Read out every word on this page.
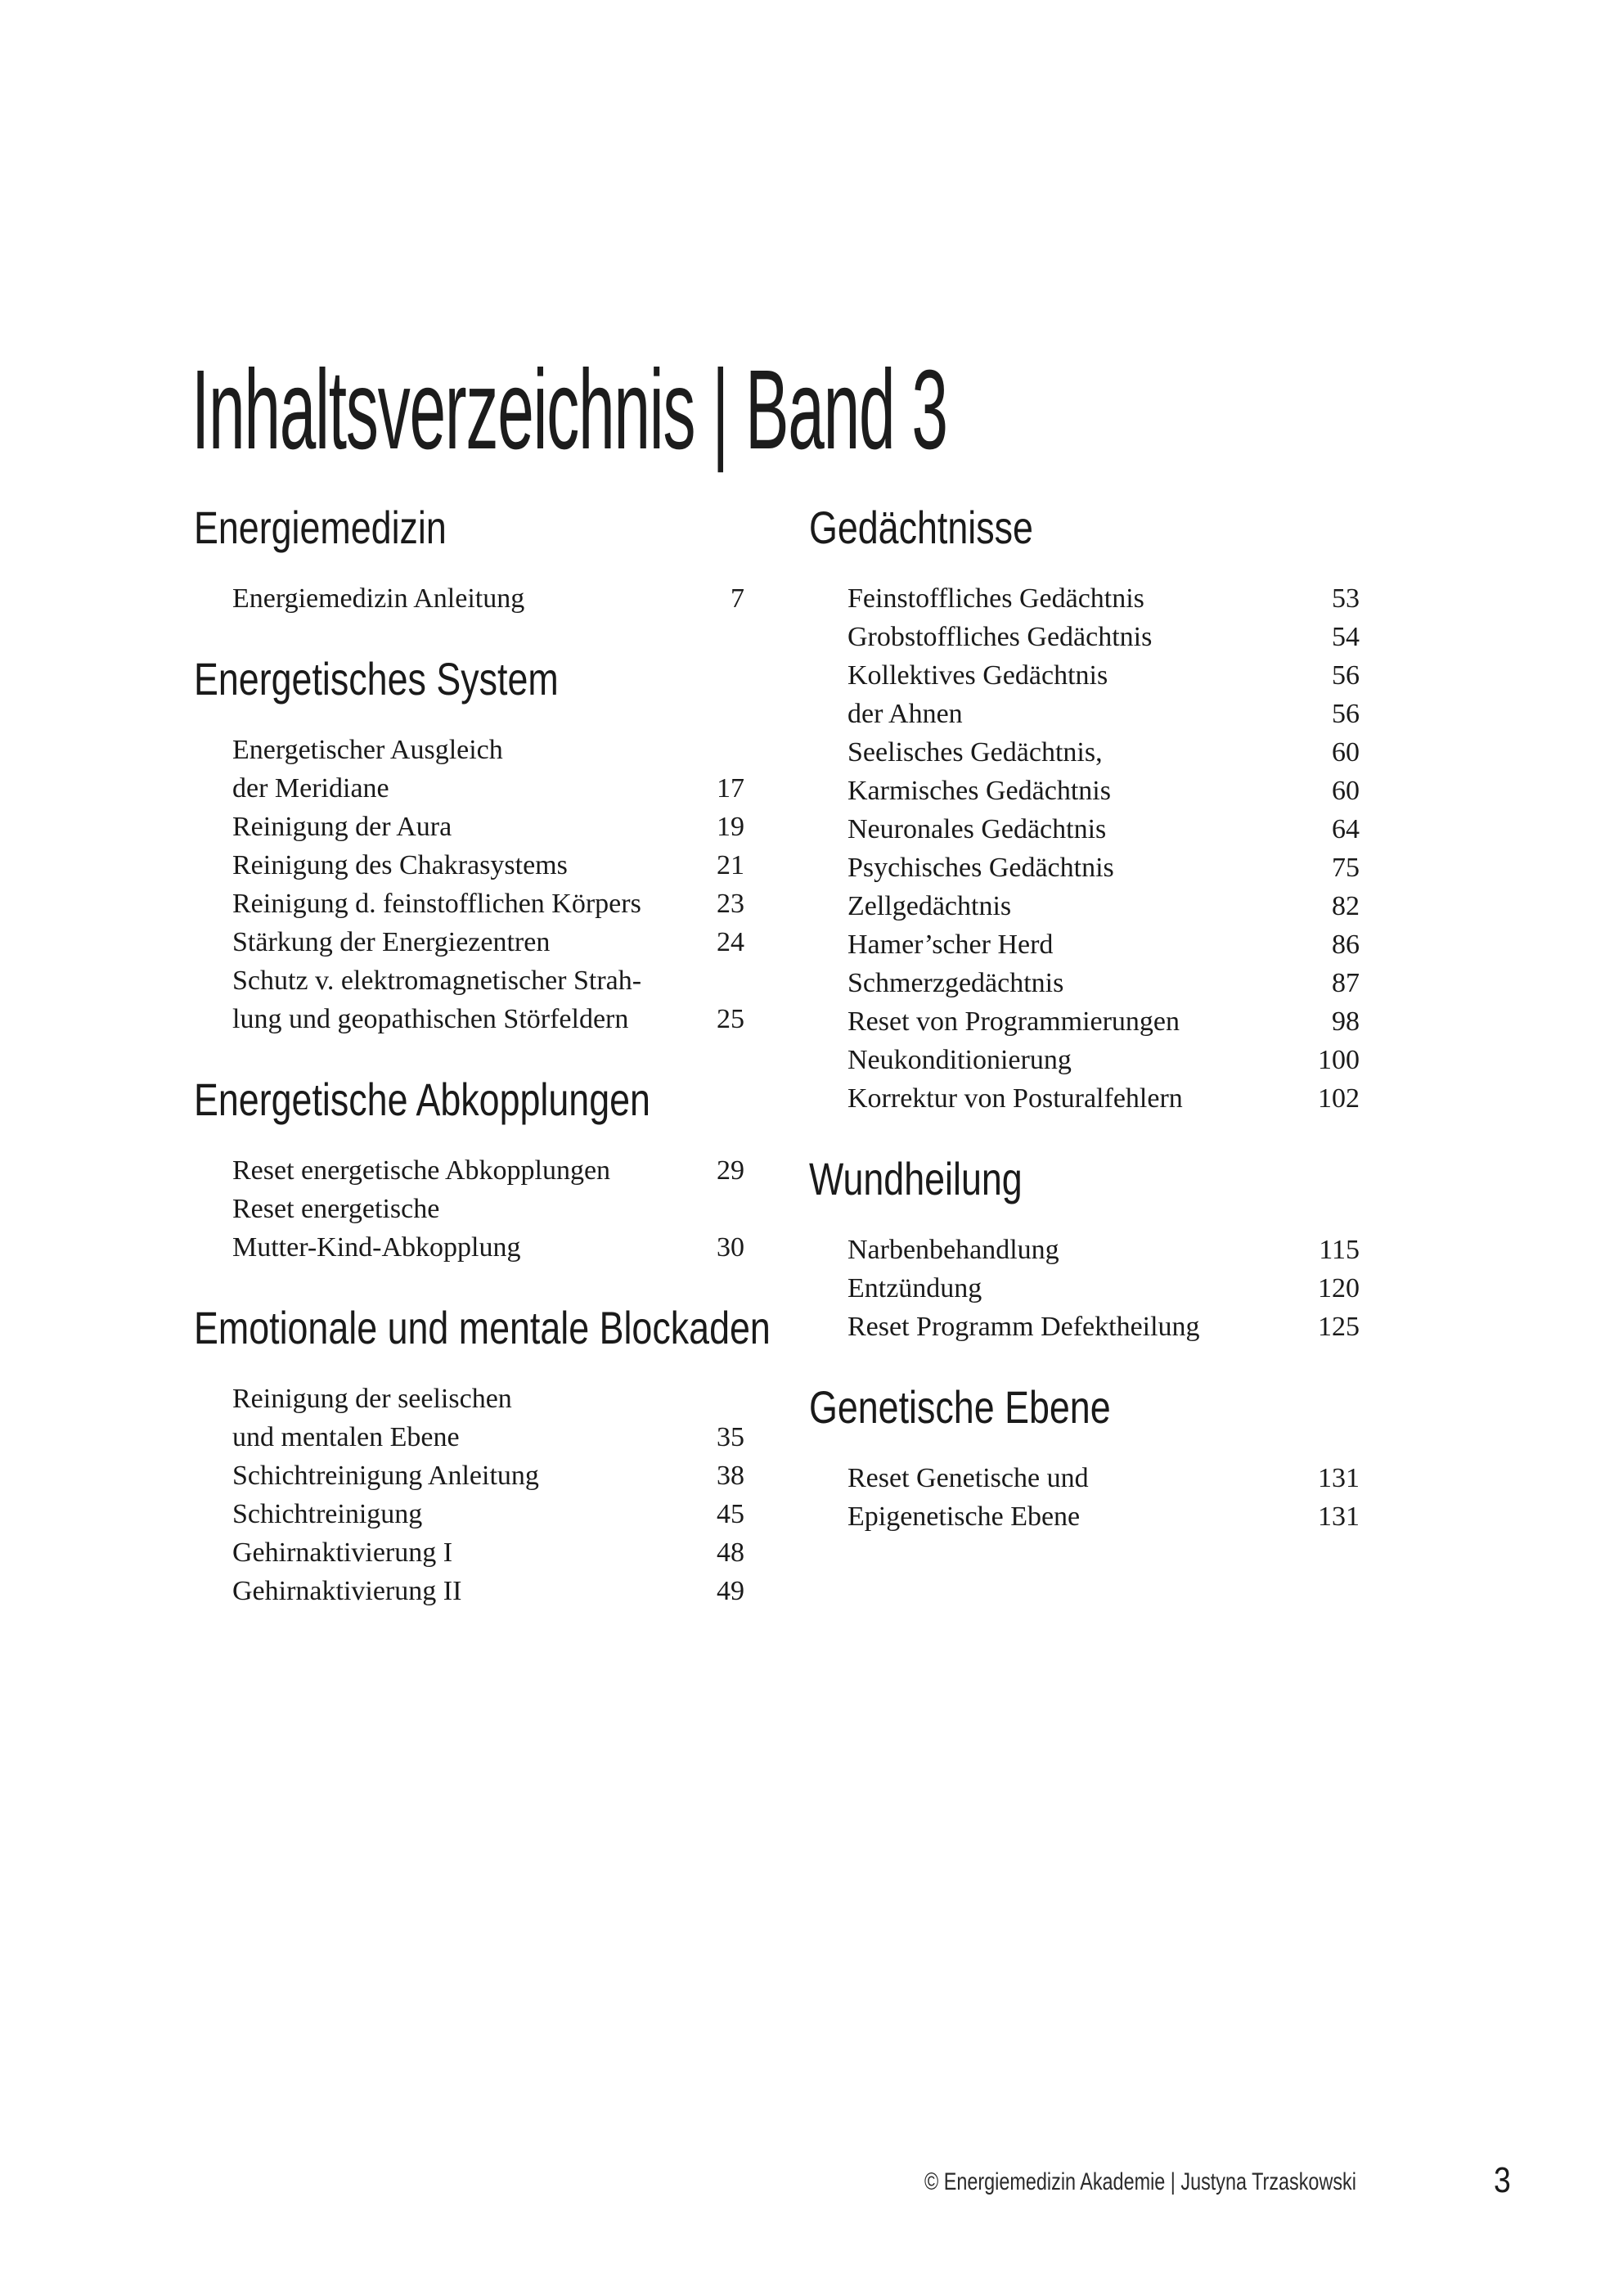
Inhaltsverzeichnis | Band 3
Energiemedizin
Energiemedizin Anleitung	7
Energetisches System
Energetischer Ausgleich
der Meridiane	17
Reinigung der Aura	19
Reinigung des Chakrasystems	21
Reinigung d. feinstofflichen Körpers	23
Stärkung der Energiezentren	24
Schutz v. elektromagnetischer Strah-
lung und geopathischen Störfeldern	25
Energetische Abkopplungen
Reset energetische Abkopplungen	29
Reset energetische
Mutter-Kind-Abkopplung	30
Emotionale und mentale Blockaden
Reinigung der seelischen
und mentalen Ebene	35
Schichtreinigung Anleitung	38
Schichtreinigung	45
Gehirnaktivierung I	48
Gehirnaktivierung II	49
Gedächtnisse
Feinstoffliches Gedächtnis	53
Grobstoffliches Gedächtnis	54
Kollektives Gedächtnis	56
der Ahnen	56
Seelisches Gedächtnis,	60
Karmisches Gedächtnis	60
Neuronales Gedächtnis	64
Psychisches Gedächtnis	75
Zellgedächtnis	82
Hamer’scher Herd	86
Schmerzgedächtnis	87
Reset von Programmierungen	98
Neukonditionierung	100
Korrektur von Posturalfehlern	102
Wundheilung
Narbenbehandlung	115
Entzündung	120
Reset Programm Defektheilung	125
Genetische Ebene
Reset Genetische und	131
Epigenetische Ebene	131
© Energiemedizin Akademie | Justyna Trzaskowski	3
